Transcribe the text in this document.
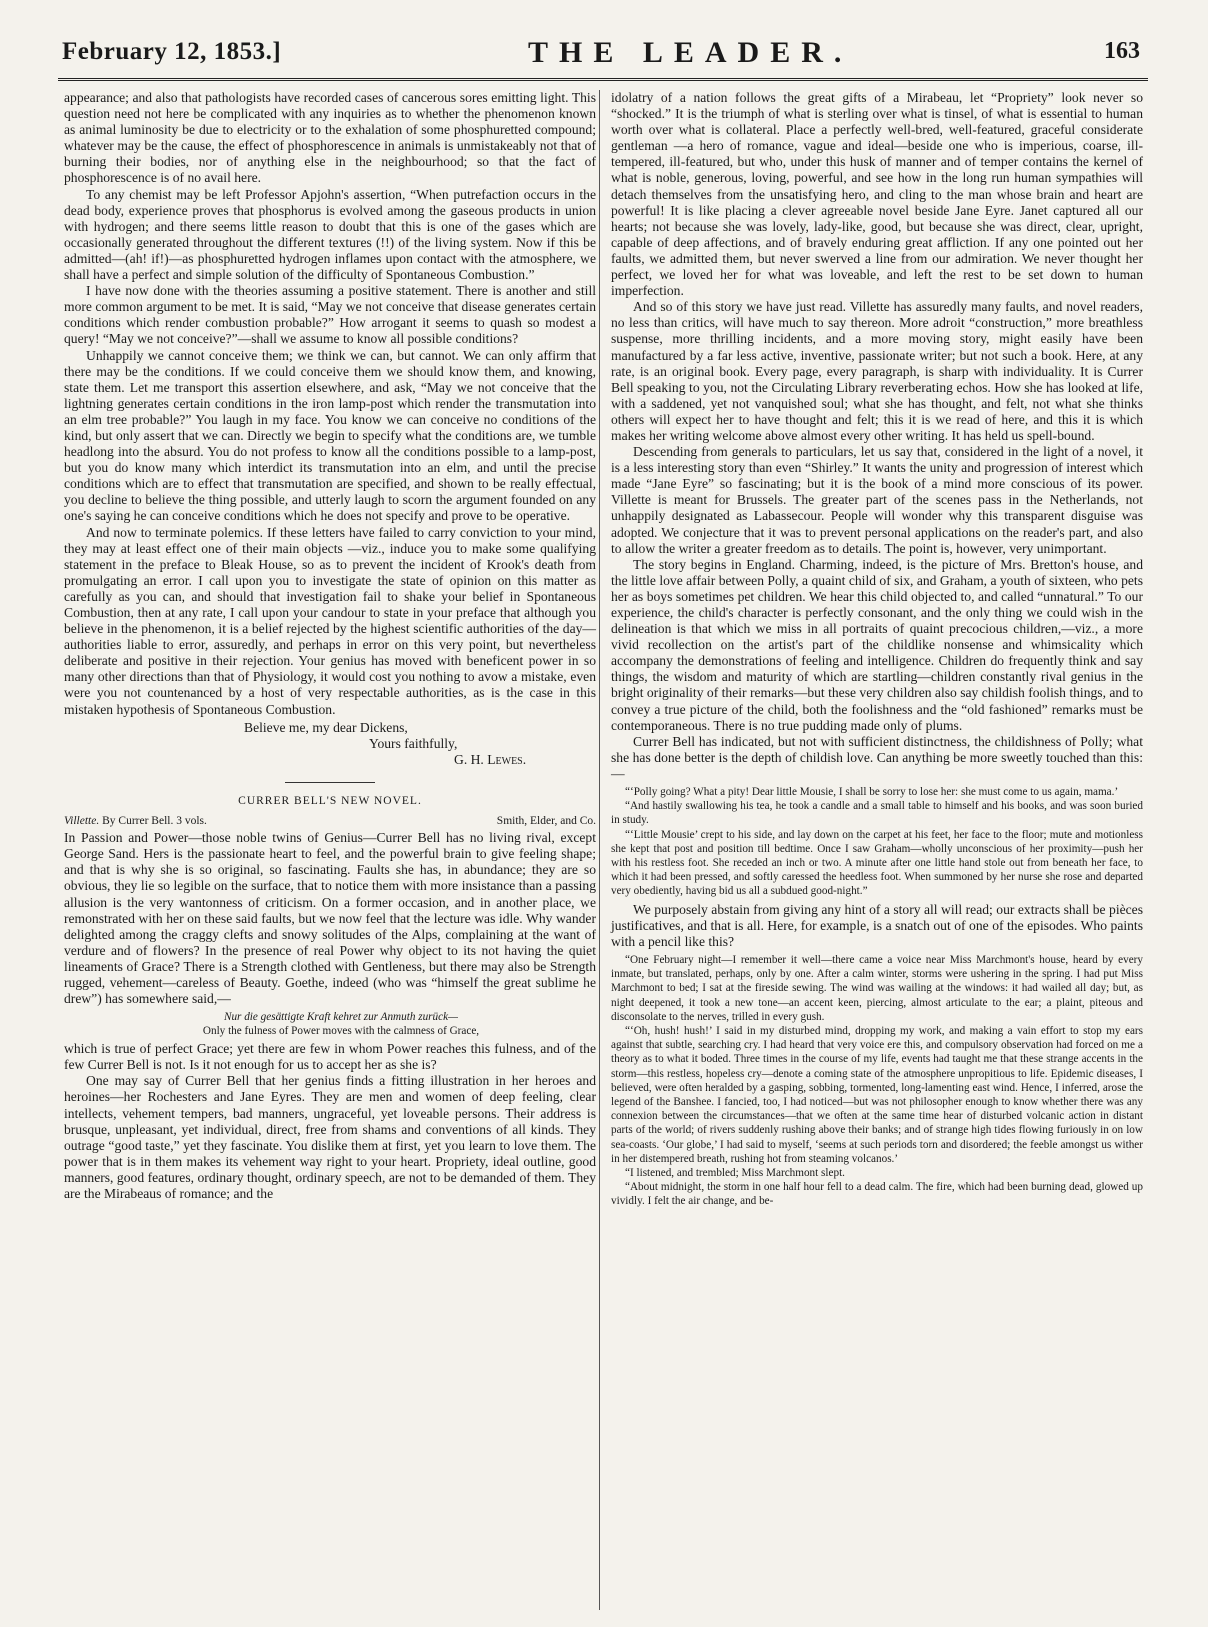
February 12, 1853.]	THE LEADER.	163

appearance; and also that pathologists have recorded cases of cancerous sores emitting light. This question need not here be complicated with any inquiries as to whether the phenomenon known as animal luminosity be due to electricity or to the exhalation of some phosphuretted compound; whatever may be the cause, the effect of phosphorescence in animals is unmistakeably not that of burning their bodies, nor of anything else in the neighbourhood; so that the fact of phosphorescence is of no avail here.

To any chemist may be left Professor Apjohn's assertion, “When putrefaction occurs in the dead body, experience proves that phosphorus is evolved among the gaseous products in union with hydrogen; and there seems little reason to doubt that this is one of the gases which are occasionally generated throughout the different textures (!!) of the living system. Now if this be admitted—(ah! if!)—as phosphuretted hydrogen inflames upon contact with the atmosphere, we shall have a perfect and simple solution of the difficulty of Spontaneous Combustion.”

I have now done with the theories assuming a positive statement. There is another and still more common argument to be met. It is said, “May we not conceive that disease generates certain conditions which render combustion probable?” How arrogant it seems to quash so modest a query! “May we not conceive?”—shall we assume to know all possible conditions?

Unhappily we cannot conceive them; we think we can, but cannot. We can only affirm that there may be the conditions. If we could conceive them we should know them, and knowing, state them. Let me transport this assertion elsewhere, and ask, “May we not conceive that the lightning generates certain conditions in the iron lamp-post which render the transmutation into an elm tree probable?” You laugh in my face. You know we can conceive no conditions of the kind, but only assert that we can. Directly we begin to specify what the conditions are, we tumble headlong into the absurd. You do not profess to know all the conditions possible to a lamp-post, but you do know many which interdict its transmutation into an elm, and until the precise conditions which are to effect that transmutation are specified, and shown to be really effectual, you decline to believe the thing possible, and utterly laugh to scorn the argument founded on any one's saying he can conceive conditions which he does not specify and prove to be operative.

And now to terminate polemics. If these letters have failed to carry conviction to your mind, they may at least effect one of their main objects —viz., induce you to make some qualifying statement in the preface to Bleak House, so as to prevent the incident of Krook's death from promulgating an error. I call upon you to investigate the state of opinion on this matter as carefully as you can, and should that investigation fail to shake your belief in Spontaneous Combustion, then at any rate, I call upon your candour to state in your preface that although you believe in the phenomenon, it is a belief rejected by the highest scientific authorities of the day—authorities liable to error, assuredly, and perhaps in error on this very point, but nevertheless deliberate and positive in their rejection. Your genius has moved with beneficent power in so many other directions than that of Physiology, it would cost you nothing to avow a mistake, even were you not countenanced by a host of very respectable authorities, as is the case in this mistaken hypothesis of Spontaneous Combustion.

Believe me, my dear Dickens,
Yours faithfully,
G. H. Lewes.
CURRER BELL'S NEW NOVEL.
Villette. By Currer Bell. 3 vols.	Smith, Elder, and Co.

In Passion and Power—those noble twins of Genius—Currer Bell has no living rival, except George Sand. Hers is the passionate heart to feel, and the powerful brain to give feeling shape; and that is why she is so original, so fascinating. Faults she has, in abundance; they are so obvious, they lie so legible on the surface, that to notice them with more insistance than a passing allusion is the very wantonness of criticism. On a former occasion, and in another place, we remonstrated with her on these said faults, but we now feel that the lecture was idle. Why wander delighted among the craggy clefts and snowy solitudes of the Alps, complaining at the want of verdure and of flowers? In the presence of real Power why object to its not having the quiet lineaments of Grace? There is a Strength clothed with Gentleness, but there may also be Strength rugged, vehement—careless of Beauty. Goethe, indeed (who was “himself the great sublime he drew”) has somewhere said,—

Nur die gesättigte Kraft kehret zur Anmuth zurück—

Only the fulness of Power moves with the calmness of Grace,

which is true of perfect Grace; yet there are few in whom Power reaches this fulness, and of the few Currer Bell is not. Is it not enough for us to accept her as she is?

One may say of Currer Bell that her genius finds a fitting illustration in her heroes and heroines—her Rochesters and Jane Eyres. They are men and women of deep feeling, clear intellects, vehement tempers, bad manners, ungraceful, yet loveable persons. Their address is brusque, unpleasant, yet individual, direct, free from shams and conventions of all kinds. They outrage “good taste,” yet they fascinate. You dislike them at first, yet you learn to love them. The power that is in them makes its vehement way right to your heart. Propriety, ideal outline, good manners, good features, ordinary thought, ordinary speech, are not to be demanded of them. They are the Mirabeaus of romance; and the

idolatry of a nation follows the great gifts of a Mirabeau, let “Propriety” look never so “shocked.” It is the triumph of what is sterling over what is tinsel, of what is essential to human worth over what is collateral. Place a perfectly well-bred, well-featured, graceful considerate gentleman —a hero of romance, vague and ideal—beside one who is imperious, coarse, ill-tempered, ill-featured, but who, under this husk of manner and of temper contains the kernel of what is noble, generous, loving, powerful, and see how in the long run human sympathies will detach themselves from the unsatisfying hero, and cling to the man whose brain and heart are powerful! It is like placing a clever agreeable novel beside Jane Eyre. Janet captured all our hearts; not because she was lovely, lady-like, good, but because she was direct, clear, upright, capable of deep affections, and of bravely enduring great affliction. If any one pointed out her faults, we admitted them, but never swerved a line from our admiration. We never thought her perfect, we loved her for what was loveable, and left the rest to be set down to human imperfection.

And so of this story we have just read. Villette has assuredly many faults, and novel readers, no less than critics, will have much to say thereon. More adroit “construction,” more breathless suspense, more thrilling incidents, and a more moving story, might easily have been manufactured by a far less active, inventive, passionate writer; but not such a book. Here, at any rate, is an original book. Every page, every paragraph, is sharp with individuality. It is Currer Bell speaking to you, not the Circulating Library reverberating echos. How she has looked at life, with a saddened, yet not vanquished soul; what she has thought, and felt, not what she thinks others will expect her to have thought and felt; this it is we read of here, and this it is which makes her writing welcome above almost every other writing. It has held us spell-bound.

Descending from generals to particulars, let us say that, considered in the light of a novel, it is a less interesting story than even “Shirley.” It wants the unity and progression of interest which made “Jane Eyre” so fascinating; but it is the book of a mind more conscious of its power. Villette is meant for Brussels. The greater part of the scenes pass in the Netherlands, not unhappily designated as Labassecour. People will wonder why this transparent disguise was adopted. We conjecture that it was to prevent personal applications on the reader's part, and also to allow the writer a greater freedom as to details. The point is, however, very unimportant.

The story begins in England. Charming, indeed, is the picture of Mrs. Bretton's house, and the little love affair between Polly, a quaint child of six, and Graham, a youth of sixteen, who pets her as boys sometimes pet children. We hear this child objected to, and called “unnatural.” To our experience, the child's character is perfectly consonant, and the only thing we could wish in the delineation is that which we miss in all portraits of quaint precocious children,—viz., a more vivid recollection on the artist's part of the childlike nonsense and whimsicality which accompany the demonstrations of feeling and intelligence. Children do frequently think and say things, the wisdom and maturity of which are startling—children constantly rival genius in the bright originality of their remarks—but these very children also say childish foolish things, and to convey a true picture of the child, both the foolishness and the “old fashioned” remarks must be contemporaneous. There is no true pudding made only of plums.

Currer Bell has indicated, but not with sufficient distinctness, the childishness of Polly; what she has done better is the depth of childish love. Can anything be more sweetly touched than this:—

“‘Polly going? What a pity! Dear little Mousie, I shall be sorry to lose her: she must come to us again, mama.’

“And hastily swallowing his tea, he took a candle and a small table to himself and his books, and was soon buried in study.

“‘Little Mousie’ crept to his side, and lay down on the carpet at his feet, her face to the floor; mute and motionless she kept that post and position till bedtime. Once I saw Graham—wholly unconscious of her proximity—push her with his restless foot. She receded an inch or two. A minute after one little hand stole out from beneath her face, to which it had been pressed, and softly caressed the heedless foot. When summoned by her nurse she rose and departed very obediently, having bid us all a subdued good-night.”

We purposely abstain from giving any hint of a story all will read; our extracts shall be pièces justificatives, and that is all. Here, for example, is a snatch out of one of the episodes. Who paints with a pencil like this?

“One February night—I remember it well—there came a voice near Miss Marchmont's house, heard by every inmate, but translated, perhaps, only by one. After a calm winter, storms were ushering in the spring. I had put Miss Marchmont to bed; I sat at the fireside sewing. The wind was wailing at the windows: it had wailed all day; but, as night deepened, it took a new tone—an accent keen, piercing, almost articulate to the ear; a plaint, piteous and disconsolate to the nerves, trilled in every gush.

“‘Oh, hush! hush!’ I said in my disturbed mind, dropping my work, and making a vain effort to stop my ears against that subtle, searching cry. I had heard that very voice ere this, and compulsory observation had forced on me a theory as to what it boded. Three times in the course of my life, events had taught me that these strange accents in the storm—this restless, hopeless cry—denote a coming state of the atmosphere unpropitious to life. Epidemic diseases, I believed, were often heralded by a gasping, sobbing, tormented, long-lamenting east wind. Hence, I inferred, arose the legend of the Banshee. I fancied, too, I had noticed—but was not philosopher enough to know whether there was any connexion between the circumstances—that we often at the same time hear of disturbed volcanic action in distant parts of the world; of rivers suddenly rushing above their banks; and of strange high tides flowing furiously in on low sea-coasts. ‘Our globe,’ I had said to myself, ‘seems at such periods torn and disordered; the feeble amongst us wither in her distempered breath, rushing hot from steaming volcanos.’

“I listened, and trembled; Miss Marchmont slept.

“About midnight, the storm in one half hour fell to a dead calm. The fire, which had been burning dead, glowed up vividly. I felt the air change, and be-
